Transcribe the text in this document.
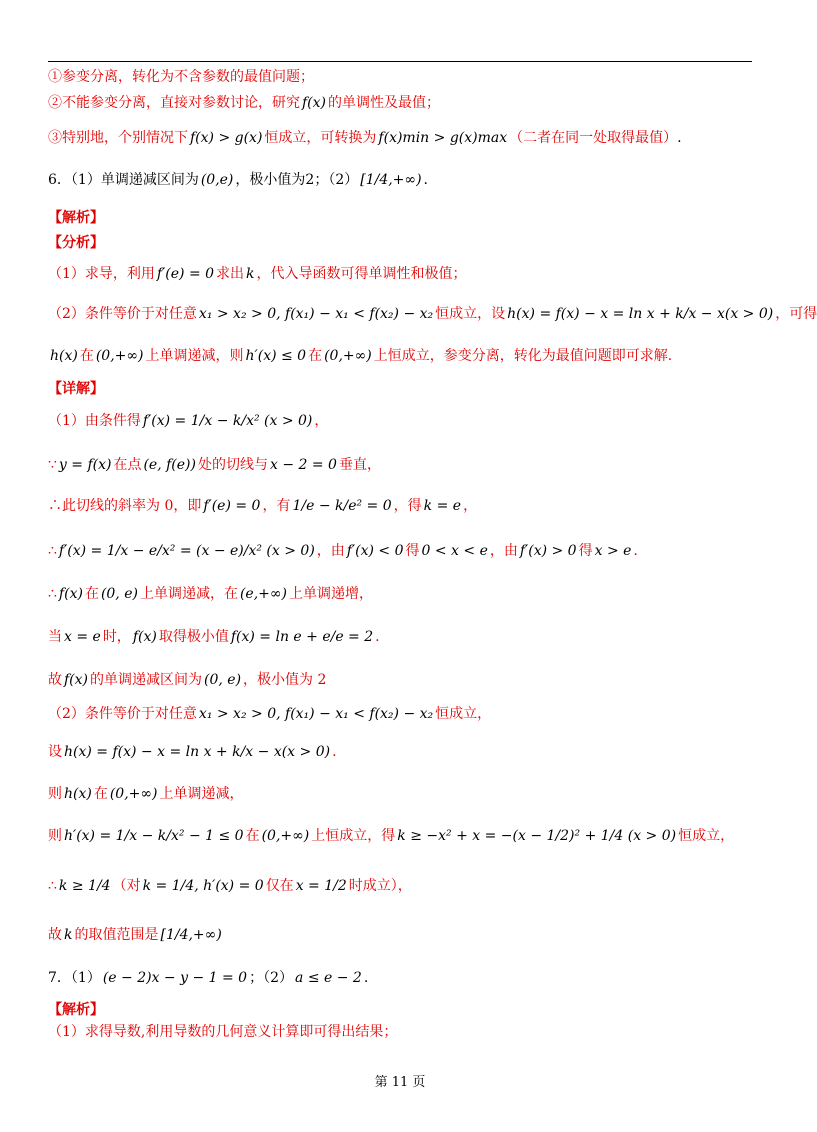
①参变分离，转化为不含参数的最值问题；
②不能参变分离，直接对参数讨论，研究 f(x) 的单调性及最值；
③特别地，个别情况下 f(x) > g(x) 恒成立，可转换为 f(x)min > g(x)max （二者在同一处取得最值）.
6．（1）单调递减区间为 (0,e) ，极小值为2；（2） [1/4,+∞) .
【解析】
【分析】
（1）求导，利用 f′(e) = 0 求出 k ，代入导函数可得单调性和极值；
（2）条件等价于对任意 x₁ > x₂ > 0, f(x₁) − x₁ < f(x₂) − x₂ 恒成立，设 h(x) = f(x) − x = ln x + k/x − x(x > 0) ，可得
h(x) 在 (0,+∞) 上单调递减，则 h′(x) ≤ 0 在 (0,+∞) 上恒成立，参变分离，转化为最值问题即可求解.
【详解】
（1）由条件得 f′(x) = 1/x − k/x² (x > 0) ，
∵ y = f(x) 在点 (e, f(e)) 处的切线与 x − 2 = 0 垂直，
∴此切线的斜率为 0，即 f′(e) = 0 ，有 1/e − k/e² = 0 ，得 k = e ，
∴ f′(x) = 1/x − e/x² = (x − e)/x² (x > 0) ，由 f′(x) < 0 得 0 < x < e ，由 f′(x) > 0 得 x > e .
∴ f(x) 在 (0, e) 上单调递减，在 (e,+∞) 上单调递增，
当 x = e 时， f(x) 取得极小值 f(x) = ln e + e/e = 2 .
故 f(x) 的单调递减区间为 (0, e) ，极小值为 2
（2）条件等价于对任意 x₁ > x₂ > 0, f(x₁) − x₁ < f(x₂) − x₂ 恒成立，
设 h(x) = f(x) − x = ln x + k/x − x(x > 0) .
则 h(x) 在 (0,+∞) 上单调递减，
则 h′(x) = 1/x − k/x² − 1 ≤ 0 在 (0,+∞) 上恒成立，得 k ≥ −x² + x = −(x − 1/2)² + 1/4 (x > 0) 恒成立，
∴ k ≥ 1/4 （对 k = 1/4, h′(x) = 0 仅在 x = 1/2 时成立），
故 k 的取值范围是 [1/4,+∞)
7．（1） (e − 2)x − y − 1 = 0 ；（2） a ≤ e − 2 .
【解析】
（1）求得导数,利用导数的几何意义计算即可得出结果；
第 11 页
